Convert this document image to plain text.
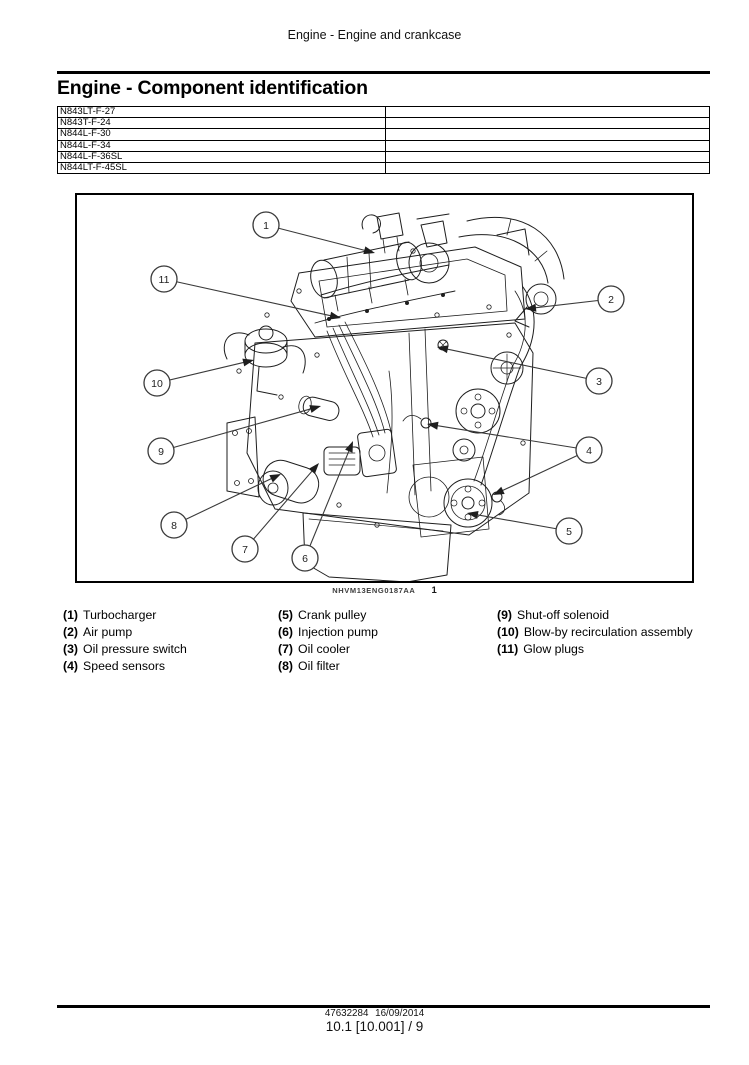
Engine - Engine and crankcase
Engine - Component identification
N843LT-F-27	
N843T-F-24	
N844L-F-30	
N844L-F-34	
N844L-F-36SL	
N844LT-F-45SL	
1
2
3
4
5
6
7
8
9
10
11
NHVM13ENG0187AA 1
(1) Turbocharger
(2) Air pump
(3) Oil pressure switch
(4) Speed sensors
(5) Crank pulley
(6) Injection pump
(7) Oil cooler
(8) Oil filter
(9) Shut-off solenoid
(10) Blow-by recirculation assembly
(11) Glow plugs
47632284 16/09/2014
10.1 [10.001] / 9
